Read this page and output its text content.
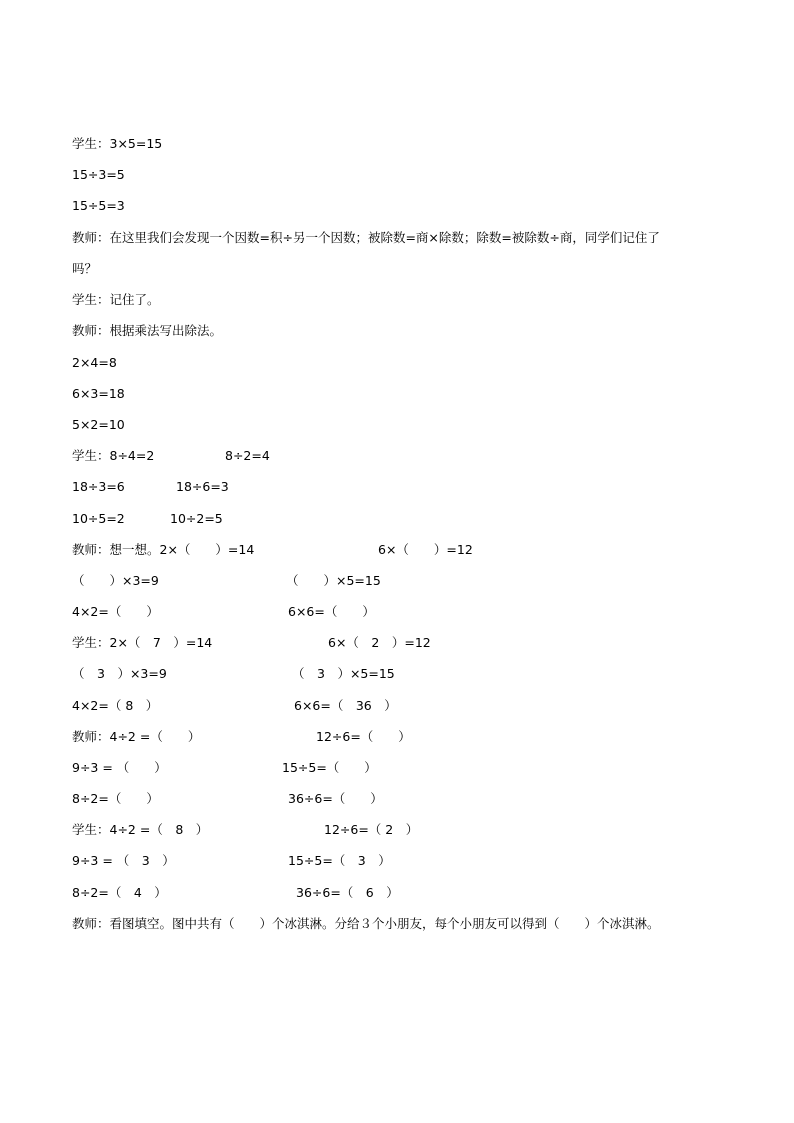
学生：3×5=15
15÷3=5
15÷5=3
教师：在这里我们会发现一个因数=积÷另一个因数；被除数=商×除数；除数=被除数÷商，同学们记住了
吗？
学生：记住了。
教师：根据乘法写出除法。
2×4=8
6×3=18
5×2=10
学生：8÷4=2	8÷2=4
18÷3=6	18÷6=3
10÷5=2	10÷2=5
教师：想一想。2×（　　）=14	6×（　　）=12
（　　）×3=9	（　　）×5=15
4×2=（　　）	6×6=（　　）
学生：2×（　7　）=14	6×（　2　）=12
（　3　）×3=9	（　3　）×5=15
4×2=（ 8　）	6×6=（　36　）
教师：4÷2 =（　　）	12÷6=（　　）
9÷3 = （　　）	15÷5=（　　）
8÷2=（　　）	36÷6=（　　）
学生：4÷2 =（　8　）	12÷6=（ 2　）
9÷3 = （　3　）	15÷5=（　3　）
8÷2=（　4　）	36÷6=（　6　）
教师：看图填空。图中共有（　　）个冰淇淋。分给３个小朋友，每个小朋友可以得到（　　）个冰淇淋。
